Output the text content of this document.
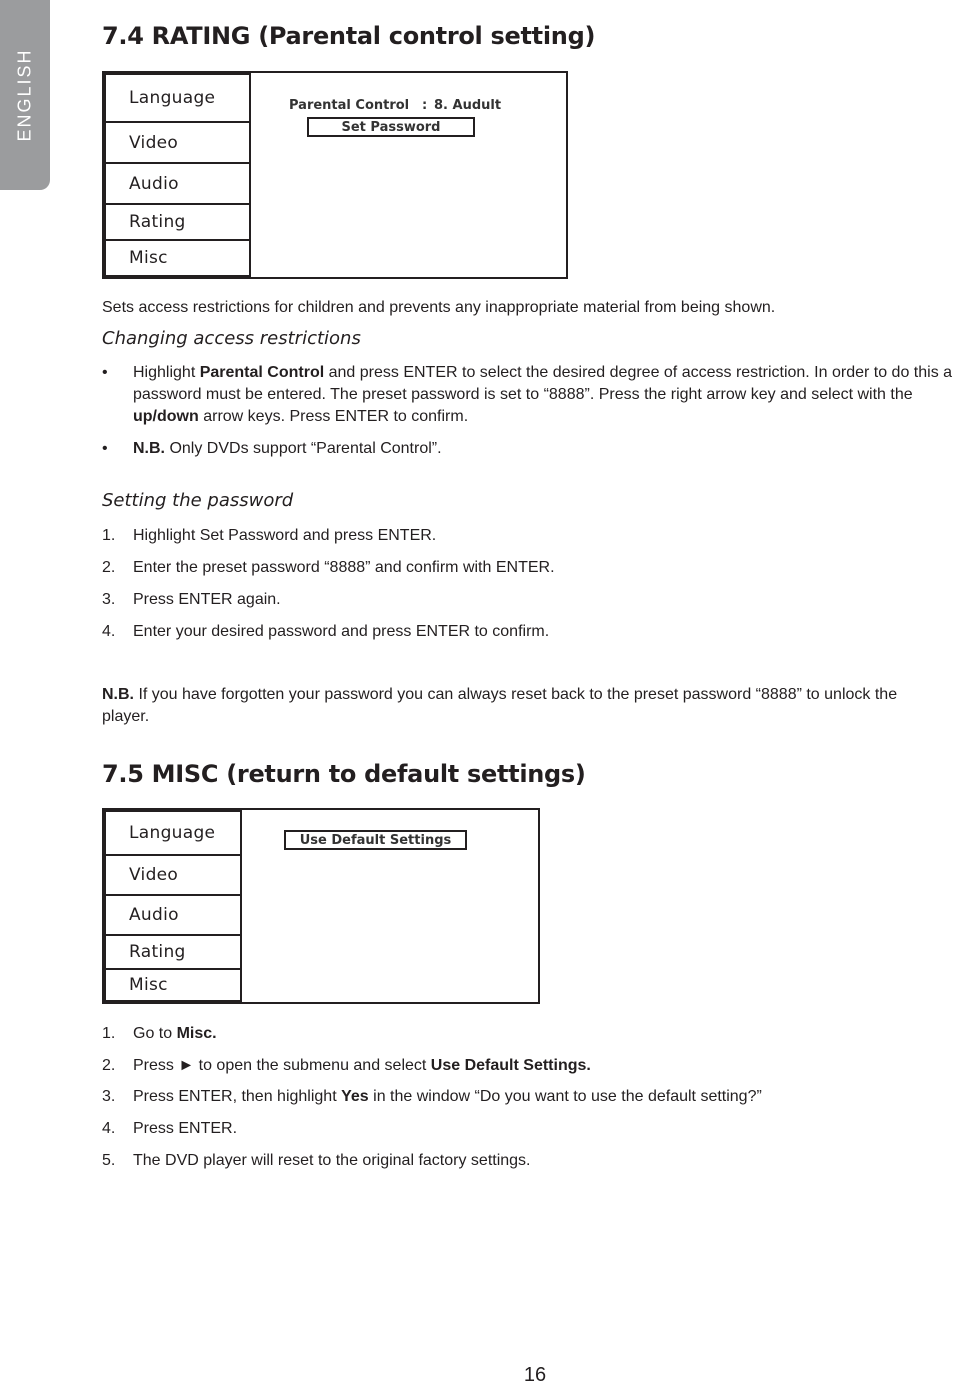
ENGLISH
7.4 RATING (Parental control setting)
Language
Video
Audio
Rating
Misc
Parental Control : 8. Audult
Set Password

Sets access restrictions for children and prevents any inappropriate material from being shown.

Changing access restrictions

• Highlight Parental Control and press ENTER to select the desired degree of access restriction. In order to do this a password must be entered. The preset password is set to “8888”. Press the right arrow key and select with the up/down arrow keys. Press ENTER to confirm.
• N.B. Only DVDs support “Parental Control”.

Setting the password

1. Highlight Set Password and press ENTER.
2. Enter the preset password “8888” and confirm with ENTER.
3. Press ENTER again.
4. Enter your desired password and press ENTER to confirm.

N.B. If you have forgotten your password you can always reset back to the preset password “8888” to unlock the player.

7.5 MISC (return to default settings)
Language
Video
Audio
Rating
Misc
Use Default Settings
1. Go to Misc.
2. Press ► to open the submenu and select Use Default Settings.
3. Press ENTER, then highlight Yes in the window “Do you want to use the default setting?”
4. Press ENTER.
5. The DVD player will reset to the original factory settings.
16
